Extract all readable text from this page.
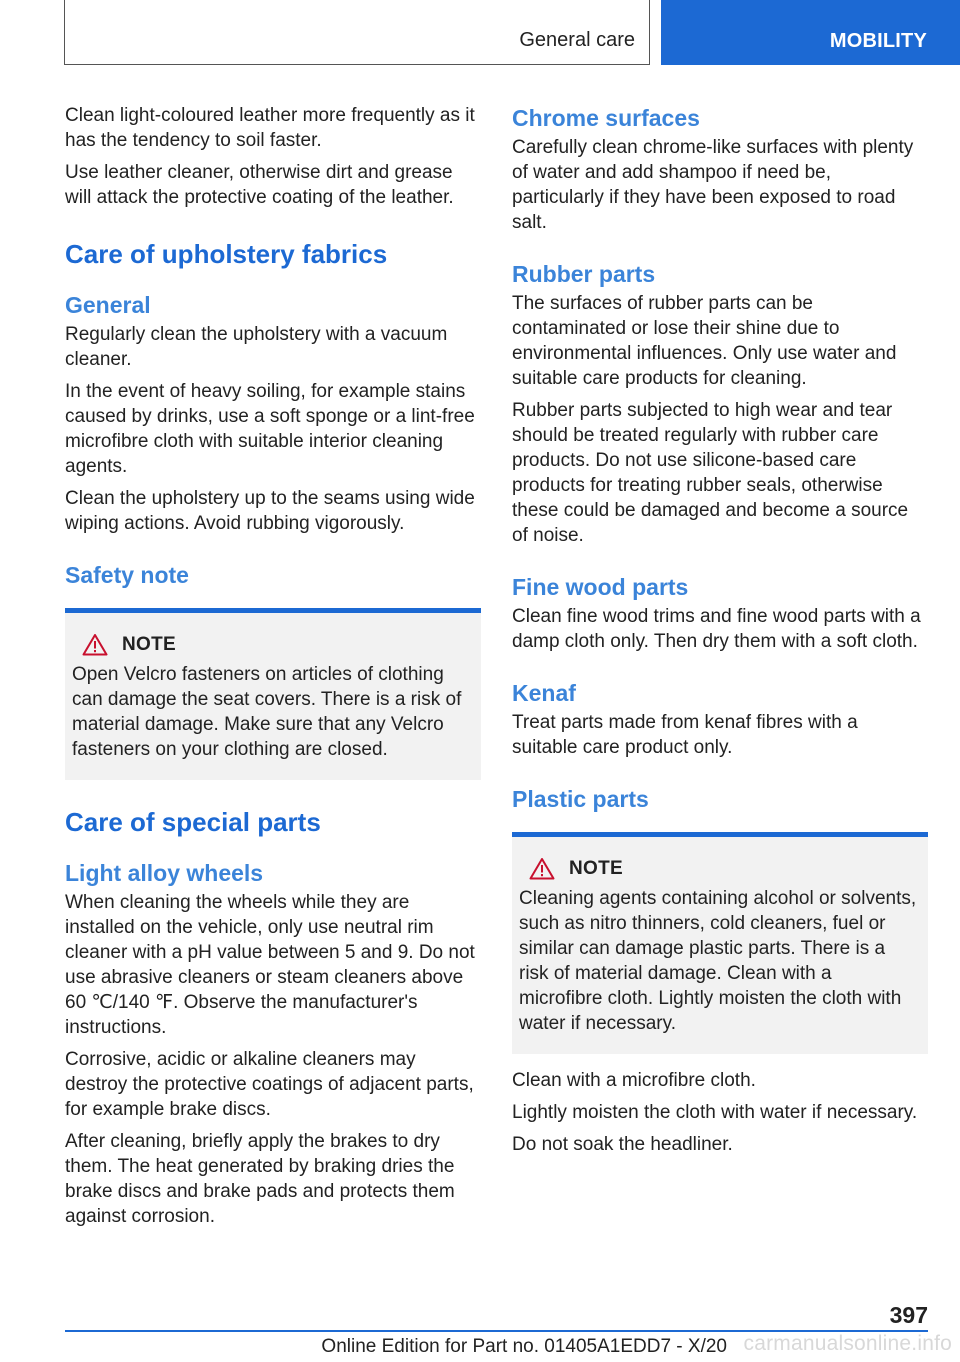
General care	MOBILITY

Clean light-coloured leather more frequently as it has the tendency to soil faster.

Use leather cleaner, otherwise dirt and grease will attack the protective coating of the leather.

Care of upholstery fabrics
General

Regularly clean the upholstery with a vacuum cleaner.

In the event of heavy soiling, for example stains caused by drinks, use a soft sponge or a lint-free microfibre cloth with suitable interior cleaning agents.

Clean the upholstery up to the seams using wide wiping actions. Avoid rubbing vigorously.

Safety note
NOTE

Open Velcro fasteners on articles of clothing can damage the seat covers. There is a risk of material damage. Make sure that any Velcro fasteners on your clothing are closed.

Care of special parts
Light alloy wheels

When cleaning the wheels while they are installed on the vehicle, only use neutral rim cleaner with a pH value between 5 and 9. Do not use abrasive cleaners or steam cleaners above 60 ℃/140 ℉. Observe the manufacturer's instructions.

Corrosive, acidic or alkaline cleaners may destroy the protective coatings of adjacent parts, for example brake discs.

After cleaning, briefly apply the brakes to dry them. The heat generated by braking dries the brake discs and brake pads and protects them against corrosion.

Chrome surfaces

Carefully clean chrome-like surfaces with plenty of water and add shampoo if need be, particularly if they have been exposed to road salt.

Rubber parts

The surfaces of rubber parts can be contaminated or lose their shine due to environmental influences. Only use water and suitable care products for cleaning.

Rubber parts subjected to high wear and tear should be treated regularly with rubber care products. Do not use silicone-based care products for treating rubber seals, otherwise these could be damaged and become a source of noise.

Fine wood parts

Clean fine wood trims and fine wood parts with a damp cloth only. Then dry them with a soft cloth.

Kenaf

Treat parts made from kenaf fibres with a suitable care product only.

Plastic parts
NOTE

Cleaning agents containing alcohol or solvents, such as nitro thinners, cold cleaners, fuel or similar can damage plastic parts. There is a risk of material damage. Clean with a microfibre cloth. Lightly moisten the cloth with water if necessary.

Clean with a microfibre cloth.

Lightly moisten the cloth with water if necessary.

Do not soak the headliner.

397
Online Edition for Part no. 01405A1EDD7 - X/20 carmanualsonline.info
